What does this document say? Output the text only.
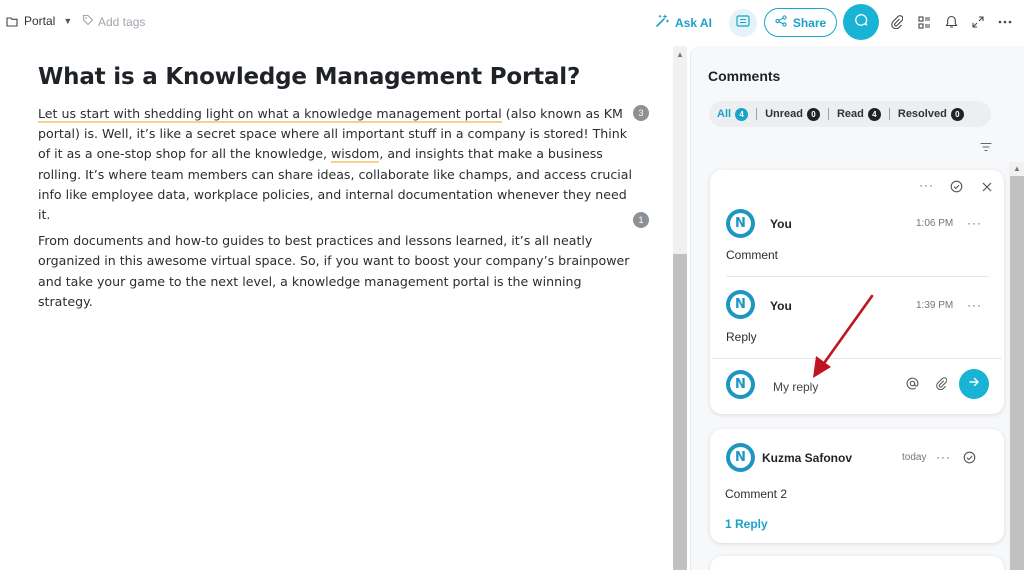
Portal ▼ Add tags	Ask AI	Share
What is a Knowledge Management Portal?

Let us start with shedding light on what a knowledge management portal (also known as KM portal) is. Well, it’s like a secret space where all important stuff in a company is stored! Think of it as a one-stop shop for all the knowledge, wisdom, and insights that make a business rolling. It’s where team members can share ideas, collaborate like champs, and access crucial info like employee data, workplace policies, and internal documentation whenever they need it.

From documents and how-to guides to best practices and lessons learned, it’s all neatly organized in this awesome virtual space. So, if you want to boost your company’s brainpower and take your game to the next level, a knowledge management portal is the winning strategy.

3
1
▲
Comments
All	4	Unread	0	Read	4	Resolved	0
▲
···
N	You	1:06 PM ···
Comment
N	You	1:39 PM ···
Reply
N
My reply
N	Kuzma Safonov	today ···
Comment 2
1 Reply
